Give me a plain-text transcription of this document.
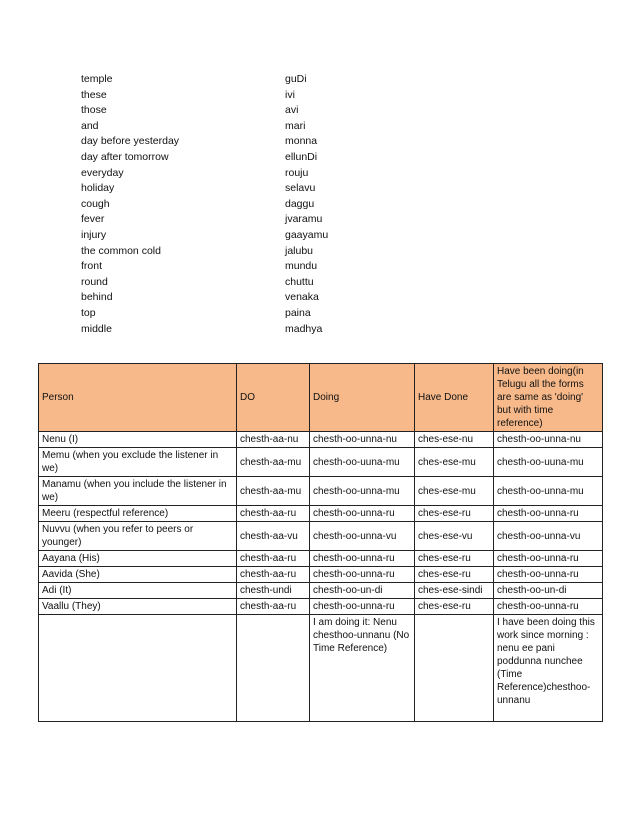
temple	guDi
these	ivi
those	avi
and	mari
day before yesterday	monna
day after tomorrow	ellunDi
everyday	rouju
holiday	selavu
cough	daggu
fever	jvaramu
injury	gaayamu
the common cold	jalubu
front	mundu
round	chuttu
behind	venaka
top	paina
middle	madhya
Person	DO	Doing	Have Done	Have been doing(in Telugu all the forms are same as 'doing' but with time reference)
Nenu (I)	chesth-aa-nu	chesth-oo-unna-nu	ches-ese-nu	chesth-oo-unna-nu
Memu (when you exclude the listener in we)	chesth-aa-mu	chesth-oo-uuna-mu	ches-ese-mu	chesth-oo-uuna-mu
Manamu (when you include the listener in we)	chesth-aa-mu	chesth-oo-unna-mu	ches-ese-mu	chesth-oo-unna-mu
Meeru (respectful reference)	chesth-aa-ru	chesth-oo-unna-ru	ches-ese-ru	chesth-oo-unna-ru
Nuvvu (when you refer to peers or younger)	chesth-aa-vu	chesth-oo-unna-vu	ches-ese-vu	chesth-oo-unna-vu
Aayana (His)	chesth-aa-ru	chesth-oo-unna-ru	ches-ese-ru	chesth-oo-unna-ru
Aavida (She)	chesth-aa-ru	chesth-oo-unna-ru	ches-ese-ru	chesth-oo-unna-ru
Adi (It)	chesth-undi	chesth-oo-un-di	ches-ese-sindi	chesth-oo-un-di
Vaallu (They)	chesth-aa-ru	chesth-oo-unna-ru	ches-ese-ru	chesth-oo-unna-ru
		I am doing it: Nenu chesthoo-unnanu (No Time Reference)		I have been doing this work since morning : nenu ee pani poddunna nunchee (Time Reference)chesthoo-unnanu
